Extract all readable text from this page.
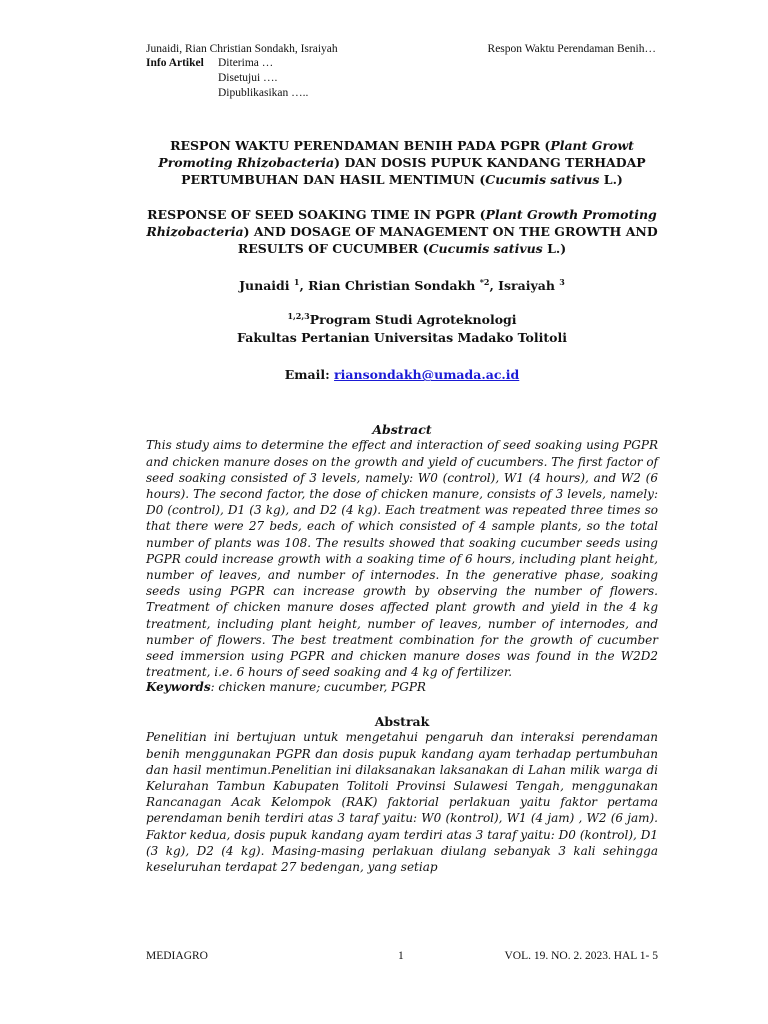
Junaidi, Rian Christian Sondakh, Israiyah	Respon Waktu Perendaman Benih…
Info Artikel	Diterima …
Disetujui ….
Dipublikasikan …..

RESPON WAKTU PERENDAMAN BENIH PADA PGPR (Plant Growt Promoting Rhizobacteria) DAN DOSIS PUPUK KANDANG TERHADAP PERTUMBUHAN DAN HASIL MENTIMUN (Cucumis sativus L.)

RESPONSE OF SEED SOAKING TIME IN PGPR (Plant Growth Promoting Rhizobacteria) AND DOSAGE OF MANAGEMENT ON THE GROWTH AND RESULTS OF CUCUMBER (Cucumis sativus L.)

Junaidi $^1$, Rian Christian Sondakh $^{*2}$, Israiyah $^3$
$^{1,2,3}$Program Studi Agroteknologi
Fakultas Pertanian Universitas Madako Tolitoli
Email: riansondakh@umada.ac.id
Abstract

This study aims to determine the effect and interaction of seed soaking using PGPR and chicken manure doses on the growth and yield of cucumbers. The first factor of seed soaking consisted of 3 levels, namely: W0 (control), W1 (4 hours), and W2 (6 hours). The second factor, the dose of chicken manure, consists of 3 levels, namely: D0 (control), D1 (3 kg), and D2 (4 kg). Each treatment was repeated three times so that there were 27 beds, each of which consisted of 4 sample plants, so the total number of plants was 108. The results showed that soaking cucumber seeds using PGPR could increase growth with a soaking time of 6 hours, including plant height, number of leaves, and number of internodes. In the generative phase, soaking seeds using PGPR can increase growth by observing the number of flowers. Treatment of chicken manure doses affected plant growth and yield in the 4 kg treatment, including plant height, number of leaves, number of internodes, and number of flowers. The best treatment combination for the growth of cucumber seed immersion using PGPR and chicken manure doses was found in the W2D2 treatment, i.e. 6 hours of seed soaking and 4 kg of fertilizer.

Keywords: chicken manure; cucumber, PGPR
Abstrak

Penelitian ini bertujuan untuk mengetahui pengaruh dan interaksi perendaman benih menggunakan PGPR dan dosis pupuk kandang ayam terhadap pertumbuhan dan hasil mentimun.Penelitian ini dilaksanakan laksanakan di Lahan milik warga di Kelurahan Tambun Kabupaten Tolitoli Provinsi Sulawesi Tengah, menggunakan Rancanagan Acak Kelompok (RAK) faktorial perlakuan yaitu faktor pertama perendaman benih terdiri atas 3 taraf yaitu: W0 (kontrol), W1 (4 jam) , W2 (6 jam). Faktor kedua, dosis pupuk kandang ayam terdiri atas 3 taraf yaitu: D0 (kontrol), D1 (3 kg), D2 (4 kg). Masing-masing perlakuan diulang sebanyak 3 kali sehingga keseluruhan terdapat 27 bedengan, yang setiap

MEDIAGRO	1	VOL. 19. NO. 2. 2023. HAL 1- 5
